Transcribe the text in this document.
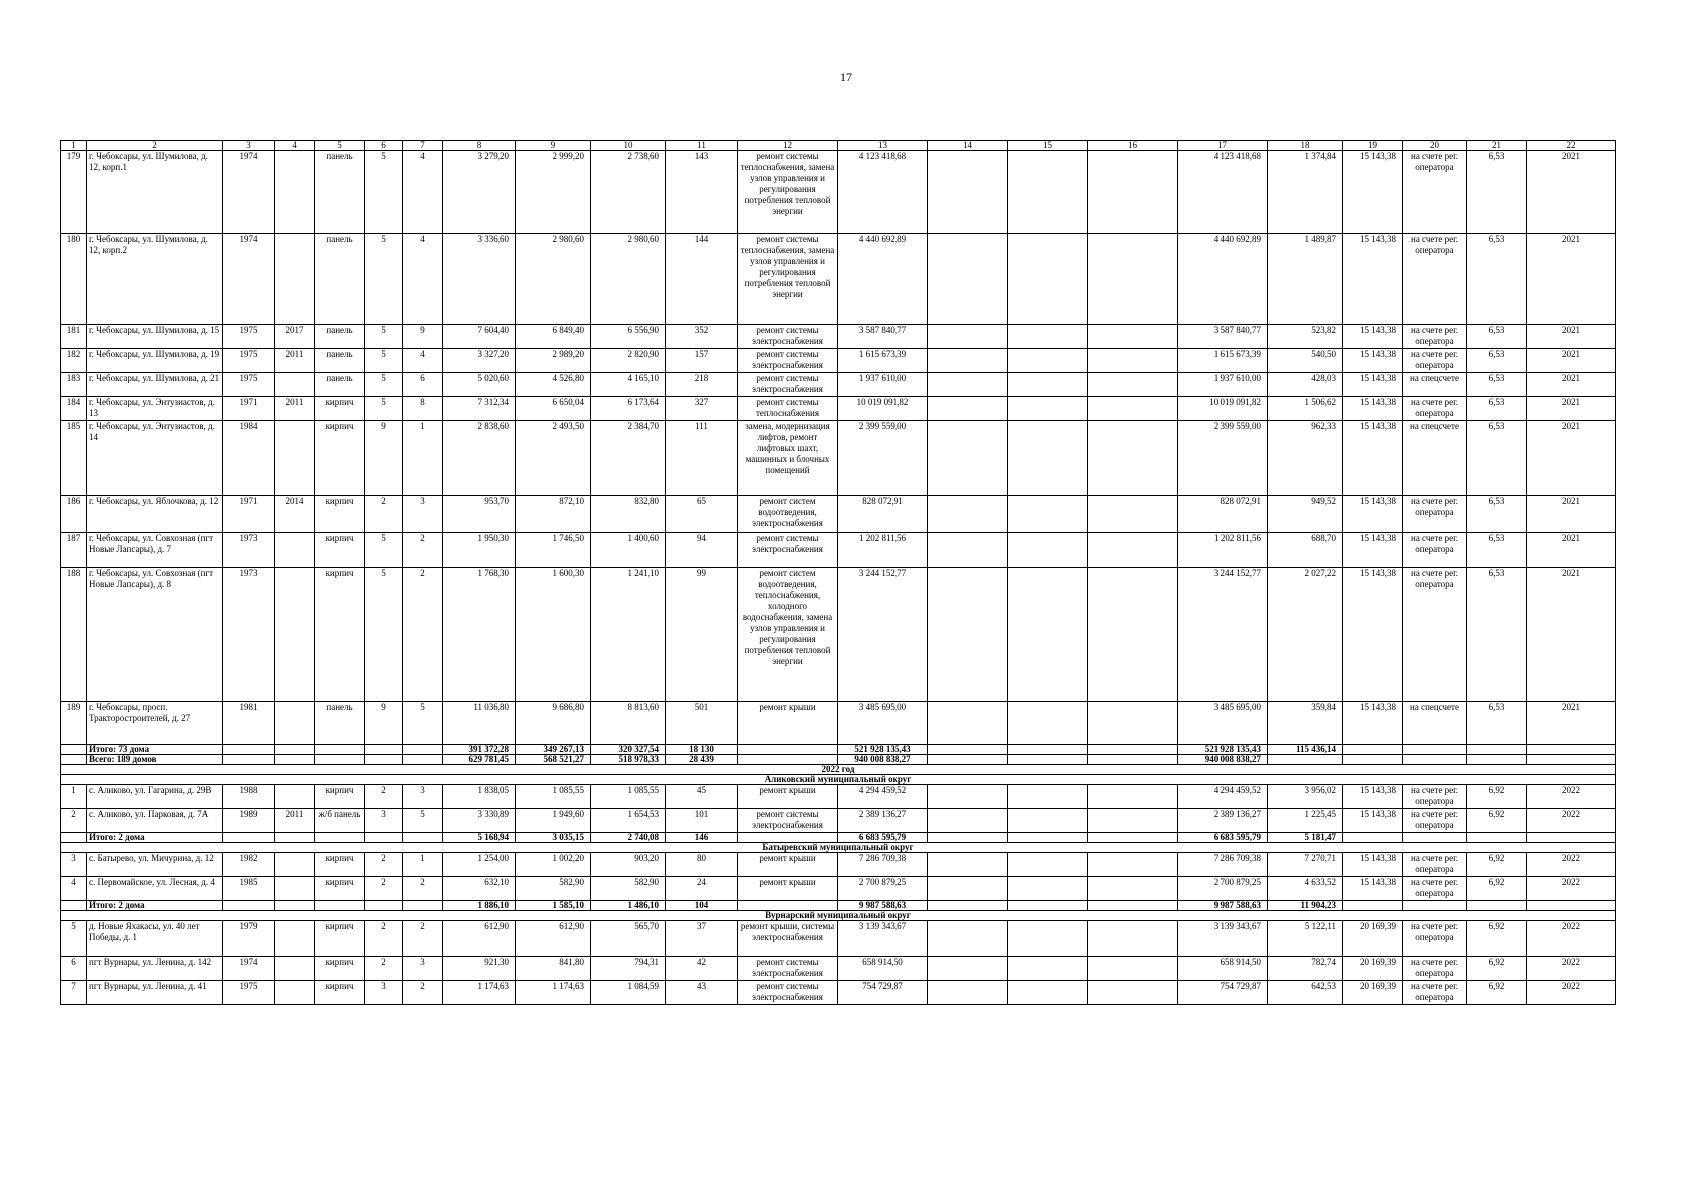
17
1	2	3	4	5	6	7	8	9	10	11	12	13	14	15	16	17	18	19	20	21	22
179	г. Чебоксары, ул. Шумилова, д. 12, корп.1	1974		панель	5	4	3 279,20	2 999,20	2 738,60	143	ремонт системы теплоснабжения, замена узлов управления и регулирования потребления тепловой энергии	4 123 418,68				4 123 418,68	1 374,84	15 143,38	на счете рег. оператора	6,53	2021
180	г. Чебоксары, ул. Шумилова, д. 12, корп.2	1974		панель	5	4	3 336,60	2 980,60	2 980,60	144	ремонт системы теплоснабжения, замена узлов управления и регулирования потребления тепловой энергии	4 440 692,89				4 440 692,89	1 489,87	15 143,38	на счете рег. оператора	6,53	2021
181	г. Чебоксары, ул. Шумилова, д. 15	1975	2017	панель	5	9	7 604,40	6 849,40	6 556,90	352	ремонт системы электроснабжения	3 587 840,77				3 587 840,77	523,82	15 143,38	на счете рег. оператора	6,53	2021
182	г. Чебоксары, ул. Шумилова, д. 19	1975	2011	панель	5	4	3 327,20	2 989,20	2 820,90	157	ремонт системы электроснабжения	1 615 673,39				1 615 673,39	540,50	15 143,38	на счете рег. оператора	6,53	2021
183	г. Чебоксары, ул. Шумилова, д. 21	1975		панель	5	6	5 020,60	4 526,80	4 165,10	218	ремонт системы электроснабжения	1 937 610,00				1 937 610,00	428,03	15 143,38	на спецсчете	6,53	2021
184	г. Чебоксары, ул. Энтузиастов, д. 13	1971	2011	кирпич	5	8	7 312,34	6 650,04	6 173,64	327	ремонт системы теплоснабжения	10 019 091,82				10 019 091,82	1 506,62	15 143,38	на счете рег. оператора	6,53	2021
185	г. Чебоксары, ул. Энтузиастов, д. 14	1984		кирпич	9	1	2 838,60	2 493,50	2 384,70	111	замена, модернизация лифтов, ремонт лифтовых шахт, машинных и блочных помещений	2 399 559,00				2 399 559,00	962,33	15 143,38	на спецсчете	6,53	2021
186	г. Чебоксары, ул. Яблочкова, д. 12	1971	2014	кирпич	2	3	953,70	872,10	832,80	65	ремонт систем водоотведения, электроснабжения	828 072,91				828 072,91	949,52	15 143,38	на счете рег. оператора	6,53	2021
187	г. Чебоксары, ул. Совхозная (пгт Новые Лапсары), д. 7	1973		кирпич	5	2	1 950,30	1 746,50	1 400,60	94	ремонт системы электроснабжения	1 202 811,56				1 202 811,56	688,70	15 143,38	на счете рег. оператора	6,53	2021
188	г. Чебоксары, ул. Совхозная (пгт Новые Лапсары), д. 8	1973		кирпич	5	2	1 768,30	1 600,30	1 241,10	99	ремонт систем водоотведения, теплоснабжения, холодного водоснабжения, замена узлов управления и регулирования потребления тепловой энергии	3 244 152,77				3 244 152,77	2 027,22	15 143,38	на счете рег. оператора	6,53	2021
189	г. Чебоксары, просп. Тракторостроителей, д. 27	1981		панель	9	5	11 036,80	9 686,80	8 813,60	501	ремонт крыши	3 485 695,00				3 485 695,00	359,84	15 143,38	на спецсчете	6,53	2021
	Итого: 73 дома						391 372,28	349 267,13	320 327,54	18 130		521 928 135,43				521 928 135,43	115 436,14				
	Всего: 189 домов						629 781,45	568 521,27	518 978,33	28 439		940 008 838,27				940 008 838,27					
2022 год																					
Аликовский муниципальный округ																					
1	с. Аликово, ул. Гагарина, д. 29В	1988		кирпич	2	3	1 838,05	1 085,55	1 085,55	45	ремонт крыши	4 294 459,52				4 294 459,52	3 956,02	15 143,38	на счете рег. оператора	6,92	2022
2	с. Аликово, ул. Парковая, д. 7А	1989	2011	ж/б панель	3	5	3 330,89	1 949,60	1 654,53	101	ремонт системы электроснабжения	2 389 136,27				2 389 136,27	1 225,45	15 143,38	на счете рег. оператора	6,92	2022
	Итого: 2 дома						5 168,94	3 035,15	2 740,08	146		6 683 595,79				6 683 595,79	5 181,47				
Батыревский муниципальный округ																					
3	с. Батырево, ул. Мичурина, д. 12	1982		кирпич	2	1	1 254,00	1 002,20	903,20	80	ремонт крыши	7 286 709,38				7 286 709,38	7 270,71	15 143,38	на счете рег. оператора	6,92	2022
4	с. Первомайское, ул. Лесная, д. 4	1985		кирпич	2	2	632,10	582,90	582,90	24	ремонт крыши	2 700 879,25				2 700 879,25	4 633,52	15 143,38	на счете рег. оператора	6,92	2022
	Итого: 2 дома						1 886,10	1 585,10	1 486,10	104		9 987 588,63				9 987 588,63	11 904,23				
Вурнарский муниципальный округ																					
5	д. Новые Яхакасы, ул. 40 лет Победы, д. 1	1979		кирпич	2	2	612,90	612,90	565,70	37	ремонт крыши, системы электроснабжения	3 139 343,67				3 139 343,67	5 122,11	20 169,39	на счете рег. оператора	6,92	2022
6	пгт Вурнары, ул. Ленина, д. 142	1974		кирпич	2	3	921,30	841,80	794,31	42	ремонт системы электроснабжения	658 914,50				658 914,50	782,74	20 169,39	на счете рег. оператора	6,92	2022
7	пгт Вурнары, ул. Ленина, д. 41	1975		кирпич	3	2	1 174,63	1 174,63	1 084,59	43	ремонт системы электроснабжения	754 729,87				754 729,87	642,53	20 169,39	на счете рег. оператора	6,92	2022
